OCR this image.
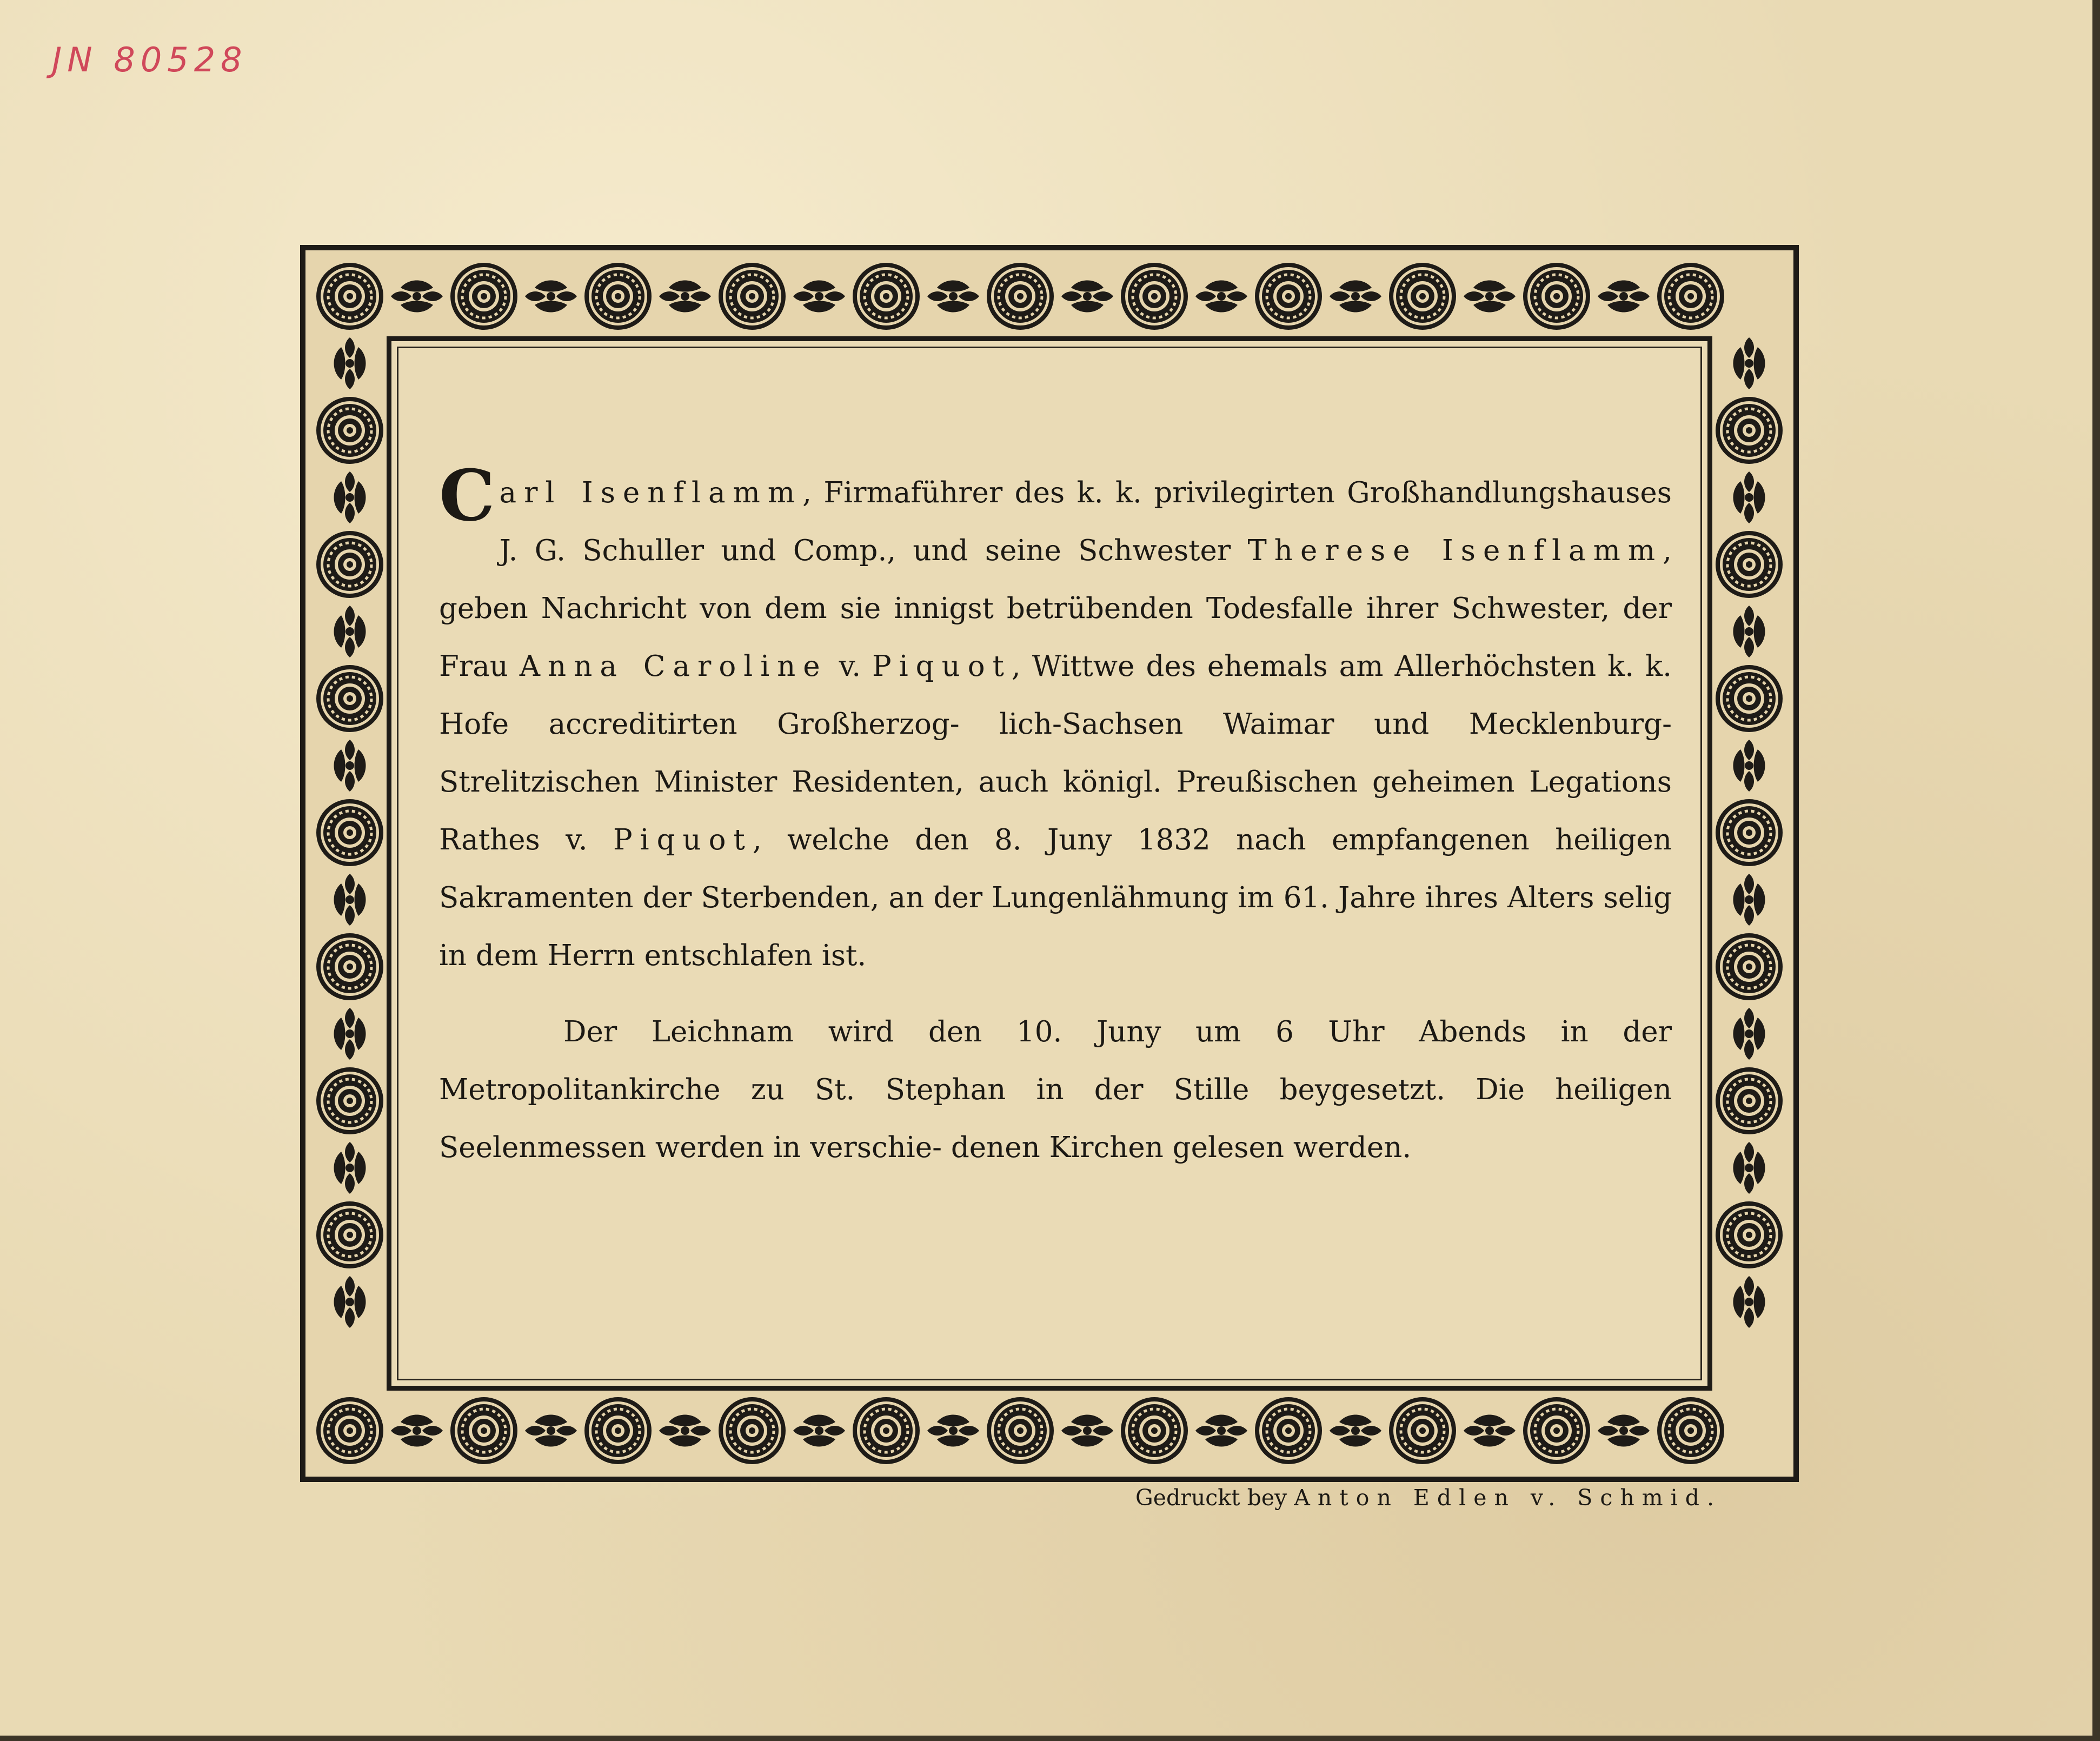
JN 80528

Carl Isenflamm, Firmaführer des k. k. privilegirten Großhandlungshauses J. G. Schuller und Comp., und seine Schwester Therese Isenflamm, geben Nachricht von dem sie innigst betrübenden Todesfalle ihrer Schwester, der Frau Anna Caroline v. Piquot, Wittwe des ehemals am Allerhöchsten k. k. Hofe accreditirten Großherzog- lich-Sachsen Waimar und Mecklenburg-Strelitzischen Minister Residenten, auch königl. Preußischen geheimen Legations Rathes v. Piquot, welche den 8. Juny 1832 nach empfangenen heiligen Sakramenten der Sterbenden, an der Lungenlähmung im 61. Jahre ihres Alters selig in dem Herrn entschlafen ist.

Der Leichnam wird den 10. Juny um 6 Uhr Abends in der Metropolitankirche zu St. Stephan in der Stille beygesetzt. Die heiligen Seelenmessen werden in verschie- denen Kirchen gelesen werden.

Gedruckt bey Anton Edlen v. Schmid.
